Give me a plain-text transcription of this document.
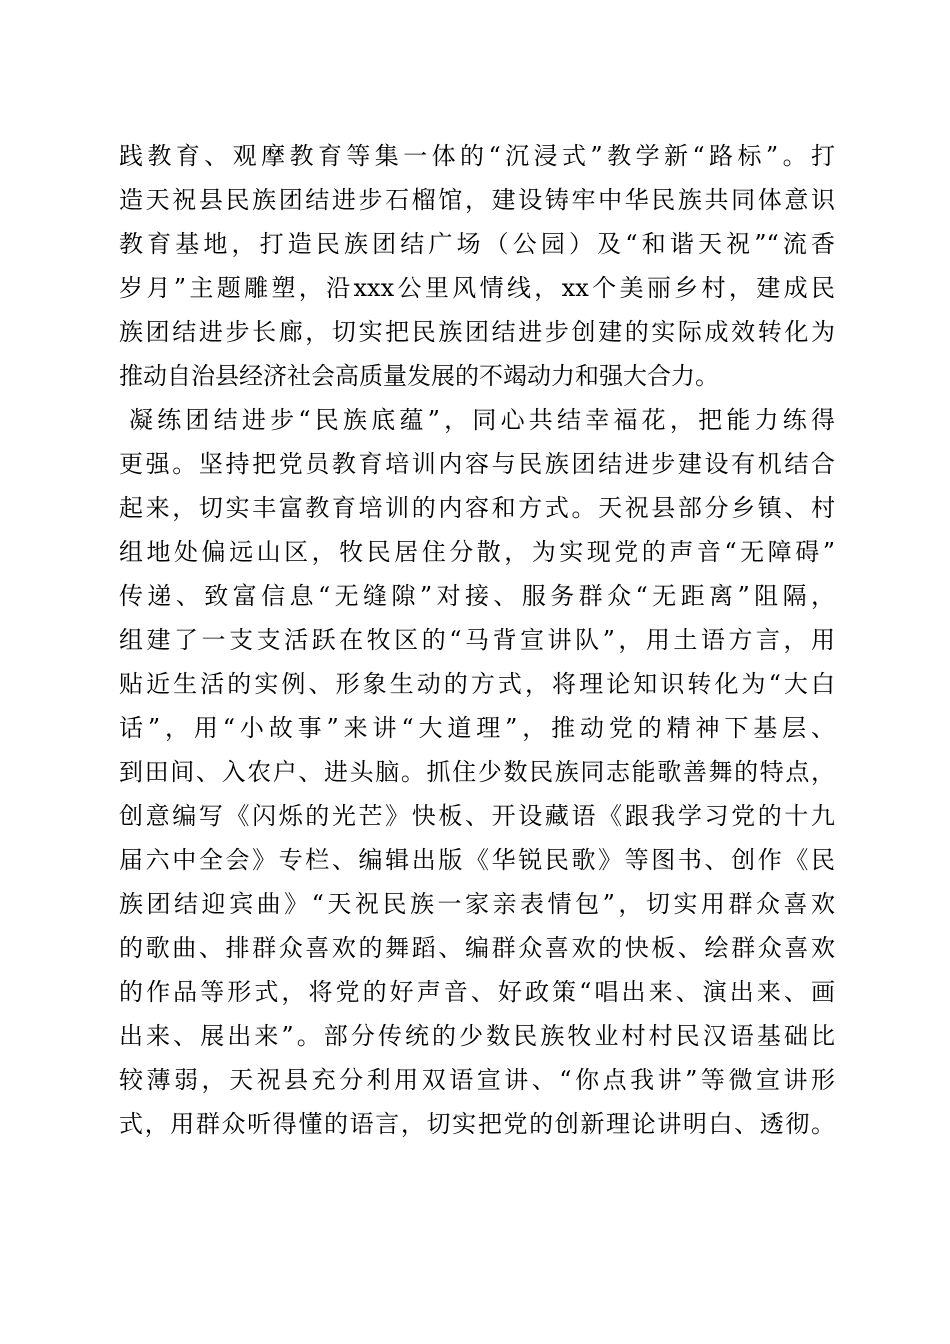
践教育、观摩教育等集一体的“沉浸式”教学新“路标”。打
造天祝县民族团结进步石榴馆，建设铸牢中华民族共同体意识
教育基地，打造民族团结广场（公园）及“和谐天祝”“流香
岁月”主题雕塑，沿xxx公里风情线，xx个美丽乡村，建成民
族团结进步长廊，切实把民族团结进步创建的实际成效转化为
推动自治县经济社会高质量发展的不竭动力和强大合力。
凝练团结进步“民族底蕴”，同心共结幸福花，把能力练得
更强。坚持把党员教育培训内容与民族团结进步建设有机结合
起来，切实丰富教育培训的内容和方式。天祝县部分乡镇、村
组地处偏远山区，牧民居住分散，为实现党的声音“无障碍”
传递、致富信息“无缝隙”对接、服务群众“无距离”阻隔，
组建了一支支活跃在牧区的“马背宣讲队”，用土语方言，用
贴近生活的实例、形象生动的方式，将理论知识转化为“大白
话”，用“小故事”来讲“大道理”，推动党的精神下基层、
到田间、入农户、进头脑。抓住少数民族同志能歌善舞的特点，
创意编写《闪烁的光芒》快板、开设藏语《跟我学习党的十九
届六中全会》专栏、编辑出版《华锐民歌》等图书、创作《民
族团结迎宾曲》“天祝民族一家亲表情包”，切实用群众喜欢
的歌曲、排群众喜欢的舞蹈、编群众喜欢的快板、绘群众喜欢
的作品等形式，将党的好声音、好政策“唱出来、演出来、画
出来、展出来”。部分传统的少数民族牧业村村民汉语基础比
较薄弱，天祝县充分利用双语宣讲、“你点我讲”等微宣讲形
式，用群众听得懂的语言，切实把党的创新理论讲明白、透彻。
